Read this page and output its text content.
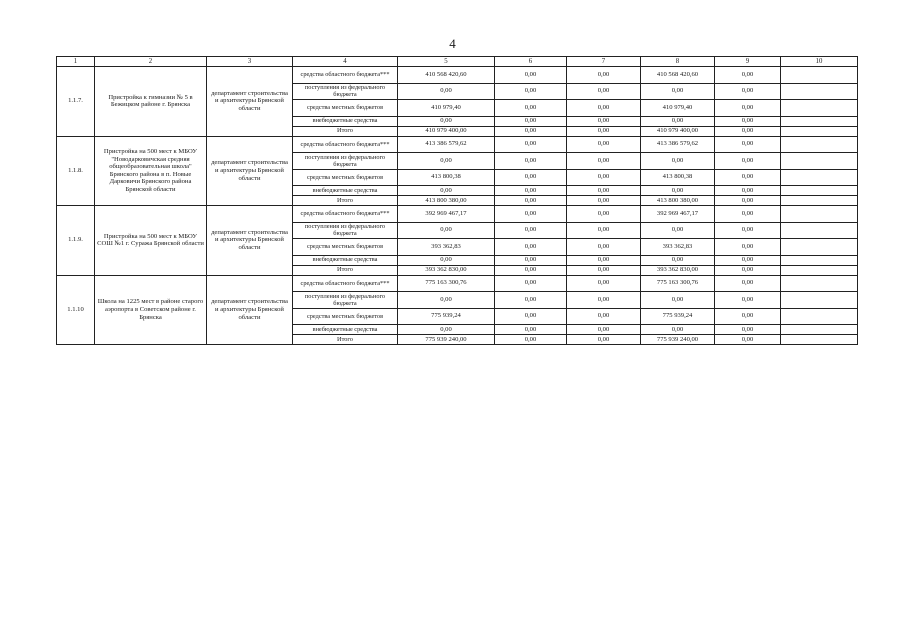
4
1	2	3	4	5	6	7	8	9	10
1.1.7.	Пристройка к гимназии № 5 в Бежицком районе г. Брянска	департамент строительства и архитектуры Брянской области	средства областного бюджета***	410 568 420,60	0,00	0,00	410 568 420,60	0,00	
			поступления из федерального бюджета	0,00	0,00	0,00	0,00	0,00	
			средства местных бюджетов	410 979,40	0,00	0,00	410 979,40	0,00	
			внебюджетные средства	0,00	0,00	0,00	0,00	0,00	
			Итого	410 979 400,00	0,00	0,00	410 979 400,00	0,00	
1.1.8.	Пристройка на 500 мест к МБОУ "Новодарковичская средняя общеобразовательная школа" Брянского района в п. Новые Дарковичи Брянского района Брянской области	департамент строительства и архитектуры Брянской области	средства областного бюджета***	413 386 579,62	0,00	0,00	413 386 579,62	0,00	
			поступления из федерального бюджета	0,00	0,00	0,00	0,00	0,00	
			средства местных бюджетов	413 800,38	0,00	0,00	413 800,38	0,00	
			внебюджетные средства	0,00	0,00	0,00	0,00	0,00	
			Итого	413 800 380,00	0,00	0,00	413 800 380,00	0,00	
1.1.9.	Пристройка на 500 мест к МБОУ СОШ №1 г. Суража Брянской области	департамент строительства и архитектуры Брянской области	средства областного бюджета***	392 969 467,17	0,00	0,00	392 969 467,17	0,00	
			поступления из федерального бюджета	0,00	0,00	0,00	0,00	0,00	
			средства местных бюджетов	393 362,83	0,00	0,00	393 362,83	0,00	
			внебюджетные средства	0,00	0,00	0,00	0,00	0,00	
			Итого	393 362 830,00	0,00	0,00	393 362 830,00	0,00	
1.1.10	Школа на 1225 мест в районе старого аэропорта в Советском районе г. Брянска	департамент строительства и архитектуры Брянской области	средства областного бюджета***	775 163 300,76	0,00	0,00	775 163 300,76	0,00	
			поступления из федерального бюджета	0,00	0,00	0,00	0,00	0,00	
			средства местных бюджетов	775 939,24	0,00	0,00	775 939,24	0,00	
			внебюджетные средства	0,00	0,00	0,00	0,00	0,00	
			Итого	775 939 240,00	0,00	0,00	775 939 240,00	0,00	
